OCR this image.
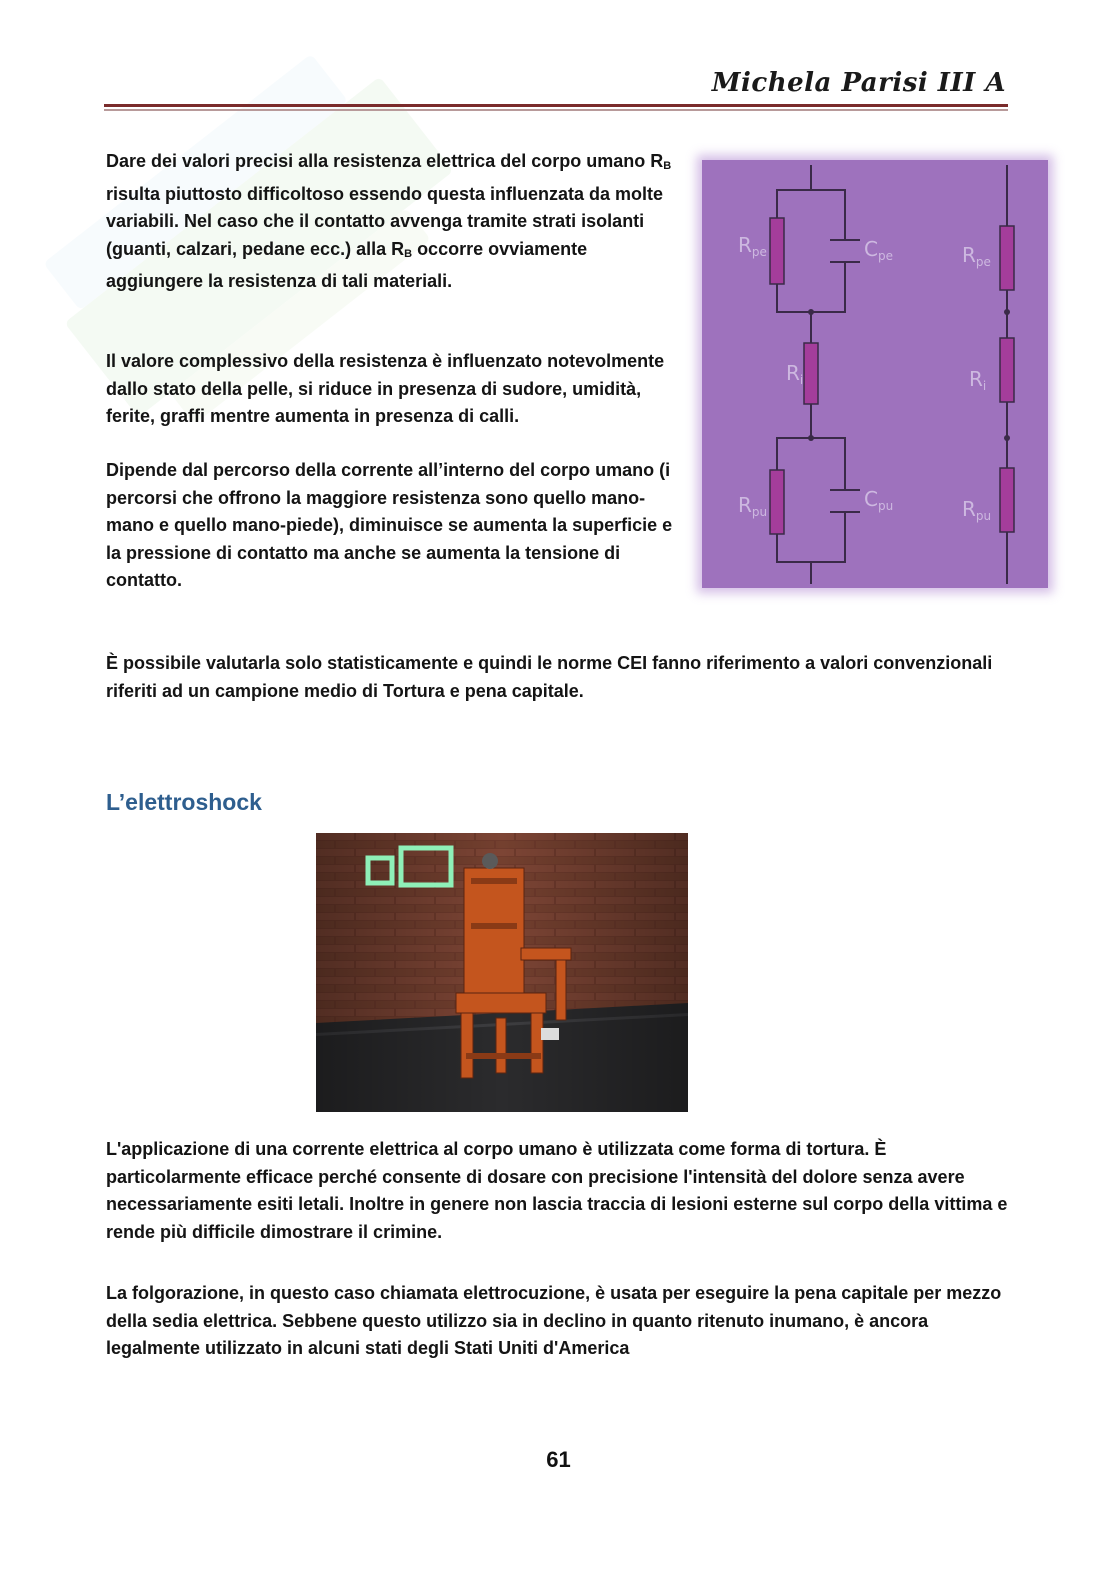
Michela Parisi III A

Dare dei valori precisi alla resistenza elettrica del corpo umano RB risulta piuttosto difficoltoso essendo questa influenzata da molte variabili. Nel caso che il contatto avvenga tramite strati isolanti (guanti, calzari, pedane ecc.) alla RB occorre ovviamente aggiungere la resistenza di tali materiali.

Il valore complessivo della resistenza è influenzato notevolmente dallo stato della pelle, si riduce in presenza di sudore, umidità, ferite, graffi mentre aumenta in presenza di calli.

Dipende dal percorso della corrente all’interno del corpo umano (i percorsi che offrono la maggiore resistenza sono quello mano-mano e quello mano-piede), diminuisce se aumenta la superficie e la pressione di contatto ma anche se aumenta la tensione di contatto.

$R_{pe}$	$C_{pe}$
$R_i$
$R_{pu}$
$C_{pu}$
$R_{pe}$
$R_i$
$R_{pu}$

È possibile valutarla solo statisticamente e quindi le norme CEI fanno riferimento a valori convenzionali riferiti ad un campione medio di Tortura e pena capitale.

L’elettroshock

L'applicazione di una corrente elettrica al corpo umano è utilizzata come forma di tortura. È particolarmente efficace perché consente di dosare con precisione l'intensità del dolore senza avere necessariamente esiti letali. Inoltre in genere non lascia traccia di lesioni esterne sul corpo della vittima e rende più difficile dimostrare il crimine.

La folgorazione, in questo caso chiamata elettrocuzione, è usata per eseguire la pena capitale per mezzo della sedia elettrica. Sebbene questo utilizzo sia in declino in quanto ritenuto inumano, è ancora legalmente utilizzato in alcuni stati degli Stati Uniti d'America

61
